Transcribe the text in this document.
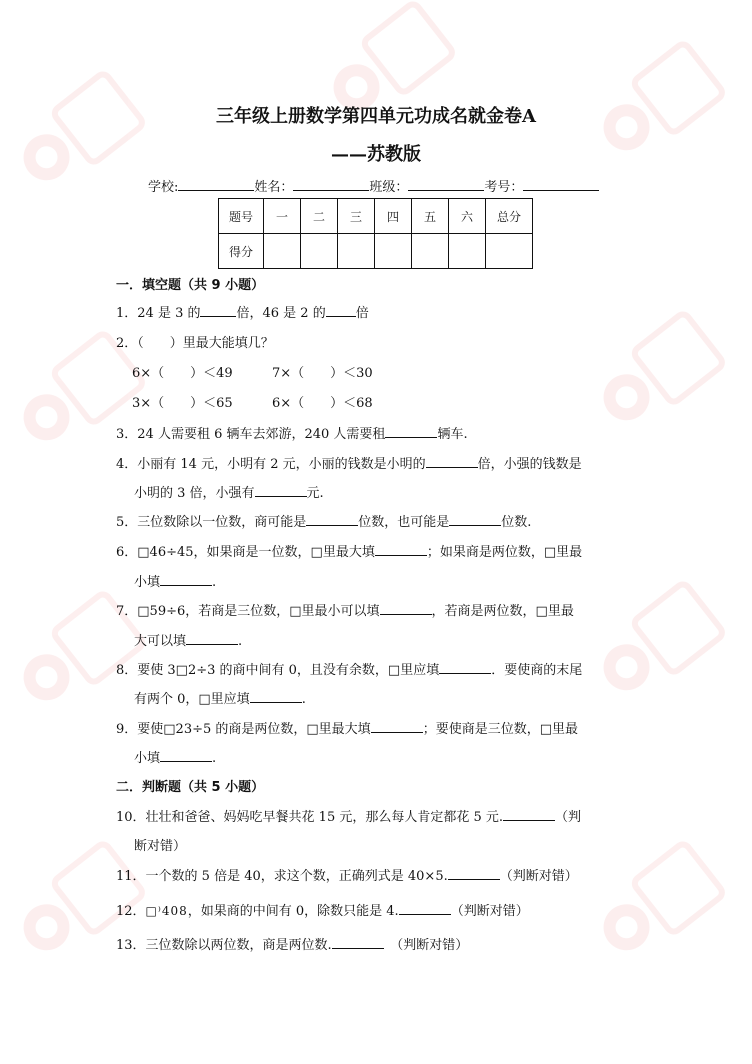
三年级上册数学第四单元功成名就金卷A
——苏教版
学校:	姓名：	班级：	考号：
题号	一	二	三	四	五	六	总分
得分							
一．填空题（共 9 小题）
1．24 是 3 的	倍，46 是 2 的 倍
2．（　　）里最大能填几？
6×（　　）＜49	7×（　　）＜30
3×（　　）＜65	6×（　　）＜68
3．24 人需要租 6 辆车去郊游，240 人需要租	辆车.
4．小丽有 14 元，小明有 2 元，小丽的钱数是小明的	倍，小强的钱数是
小明的 3 倍，小强有	元.
5．三位数除以一位数，商可能是	位数，也可能是	位数.
6．□46÷45，如果商是一位数，□里最大填	；如果商是两位数，□里最
小填	.
7．□59÷6，若商是三位数，□里最小可以填	，若商是两位数，□里最
大可以填	.
8．要使 3□2÷3 的商中间有 0，且没有余数，□里应填	．要使商的末尾
有两个 0，□里应填	.
9．要使□23÷5 的商是两位数，□里最大填	；要使商是三位数，□里最
小填	.
二．判断题（共 5 小题）
10．壮壮和爸爸、妈妈吃早餐共花 15 元，那么每人肯定都花 5 元.	（判
断对错）
11．一个数的 5 倍是 40，求这个数，正确列式是 40×5.	（判断对错）
12．□⁾408，如果商的中间有 0，除数只能是 4.	（判断对错）
13．三位数除以两位数，商是两位数.　	（判断对错）
